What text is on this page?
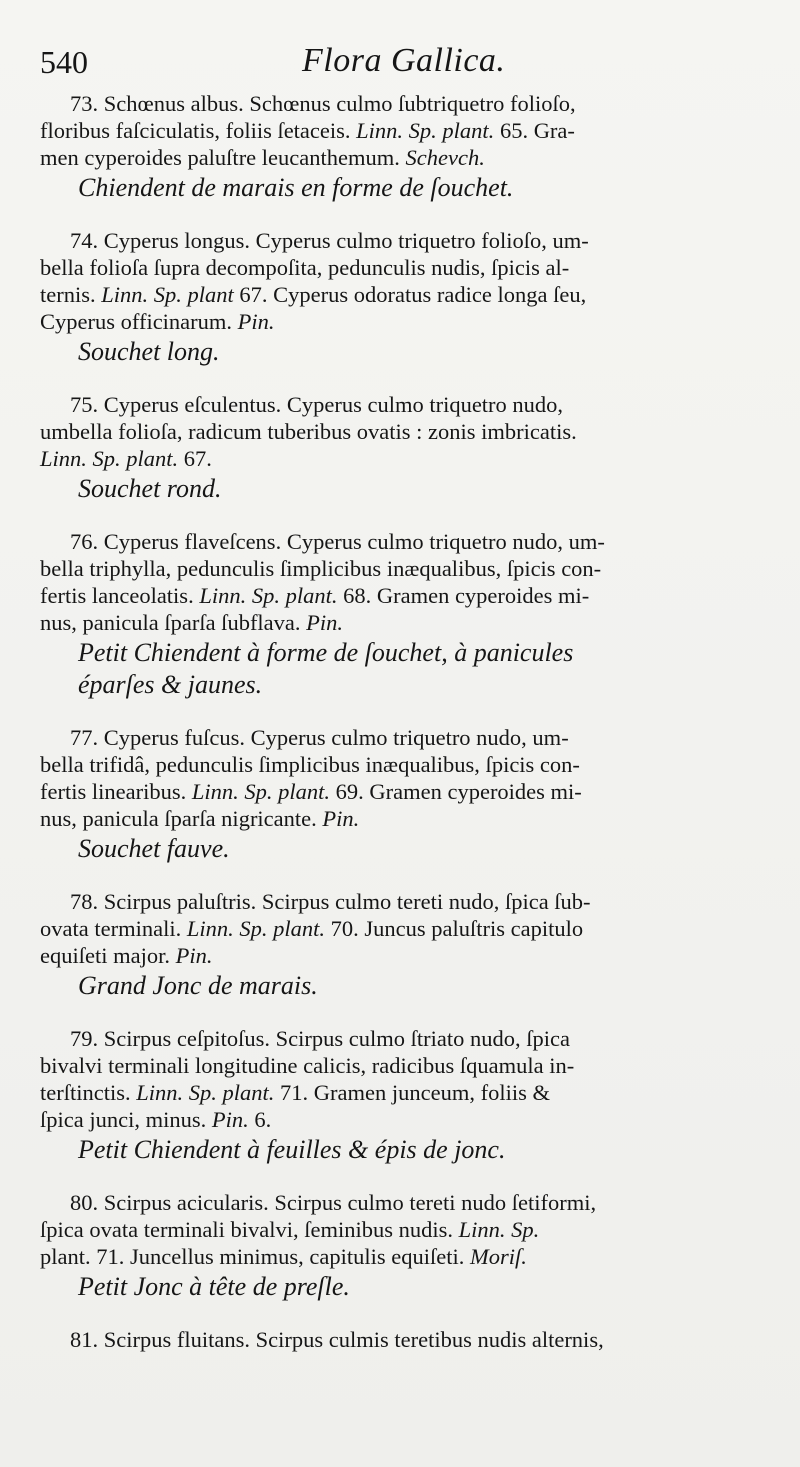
540	Flora Gallica.

73. Schœnus albus. Schœnus culmo ſubtriquetro folioſo,
floribus faſciculatis, foliis ſetaceis. Linn. Sp. plant. 65. Gra-
men cyperoides paluſtre leucanthemum. Schevch.

Chiendent de marais en forme de ſouchet.

74. Cyperus longus. Cyperus culmo triquetro folioſo, um-
bella folioſa ſupra decompoſita, pedunculis nudis, ſpicis al-
ternis. Linn. Sp. plant 67. Cyperus odoratus radice longa ſeu,
Cyperus officinarum. Pin.

Souchet long.

75. Cyperus eſculentus. Cyperus culmo triquetro nudo,
umbella folioſa, radicum tuberibus ovatis : zonis imbricatis.
Linn. Sp. plant. 67.

Souchet rond.

76. Cyperus flaveſcens. Cyperus culmo triquetro nudo, um-
bella triphylla, pedunculis ſimplicibus inæqualibus, ſpicis con-
fertis lanceolatis. Linn. Sp. plant. 68. Gramen cyperoides mi-
nus, panicula ſparſa ſubflava. Pin.

Petit Chiendent à forme de ſouchet, à panicules

éparſes & jaunes.

77. Cyperus fuſcus. Cyperus culmo triquetro nudo, um-
bella trifidâ, pedunculis ſimplicibus inæqualibus, ſpicis con-
fertis linearibus. Linn. Sp. plant. 69. Gramen cyperoides mi-
nus, panicula ſparſa nigricante. Pin.

Souchet fauve.

78. Scirpus paluſtris. Scirpus culmo tereti nudo, ſpica ſub-
ovata terminali. Linn. Sp. plant. 70. Juncus paluſtris capitulo
equiſeti major. Pin.

Grand Jonc de marais.

79. Scirpus ceſpitoſus. Scirpus culmo ſtriato nudo, ſpica
bivalvi terminali longitudine calicis, radicibus ſquamula in-
terſtinctis. Linn. Sp. plant. 71. Gramen junceum, foliis &
ſpica junci, minus. Pin. 6.

Petit Chiendent à feuilles & épis de jonc.

80. Scirpus acicularis. Scirpus culmo tereti nudo ſetiformi,
ſpica ovata terminali bivalvi, ſeminibus nudis. Linn. Sp.
plant. 71. Juncellus minimus, capitulis equiſeti. Moriſ.

Petit Jonc à tête de preſle.

81. Scirpus fluitans. Scirpus culmis teretibus nudis alternis,
